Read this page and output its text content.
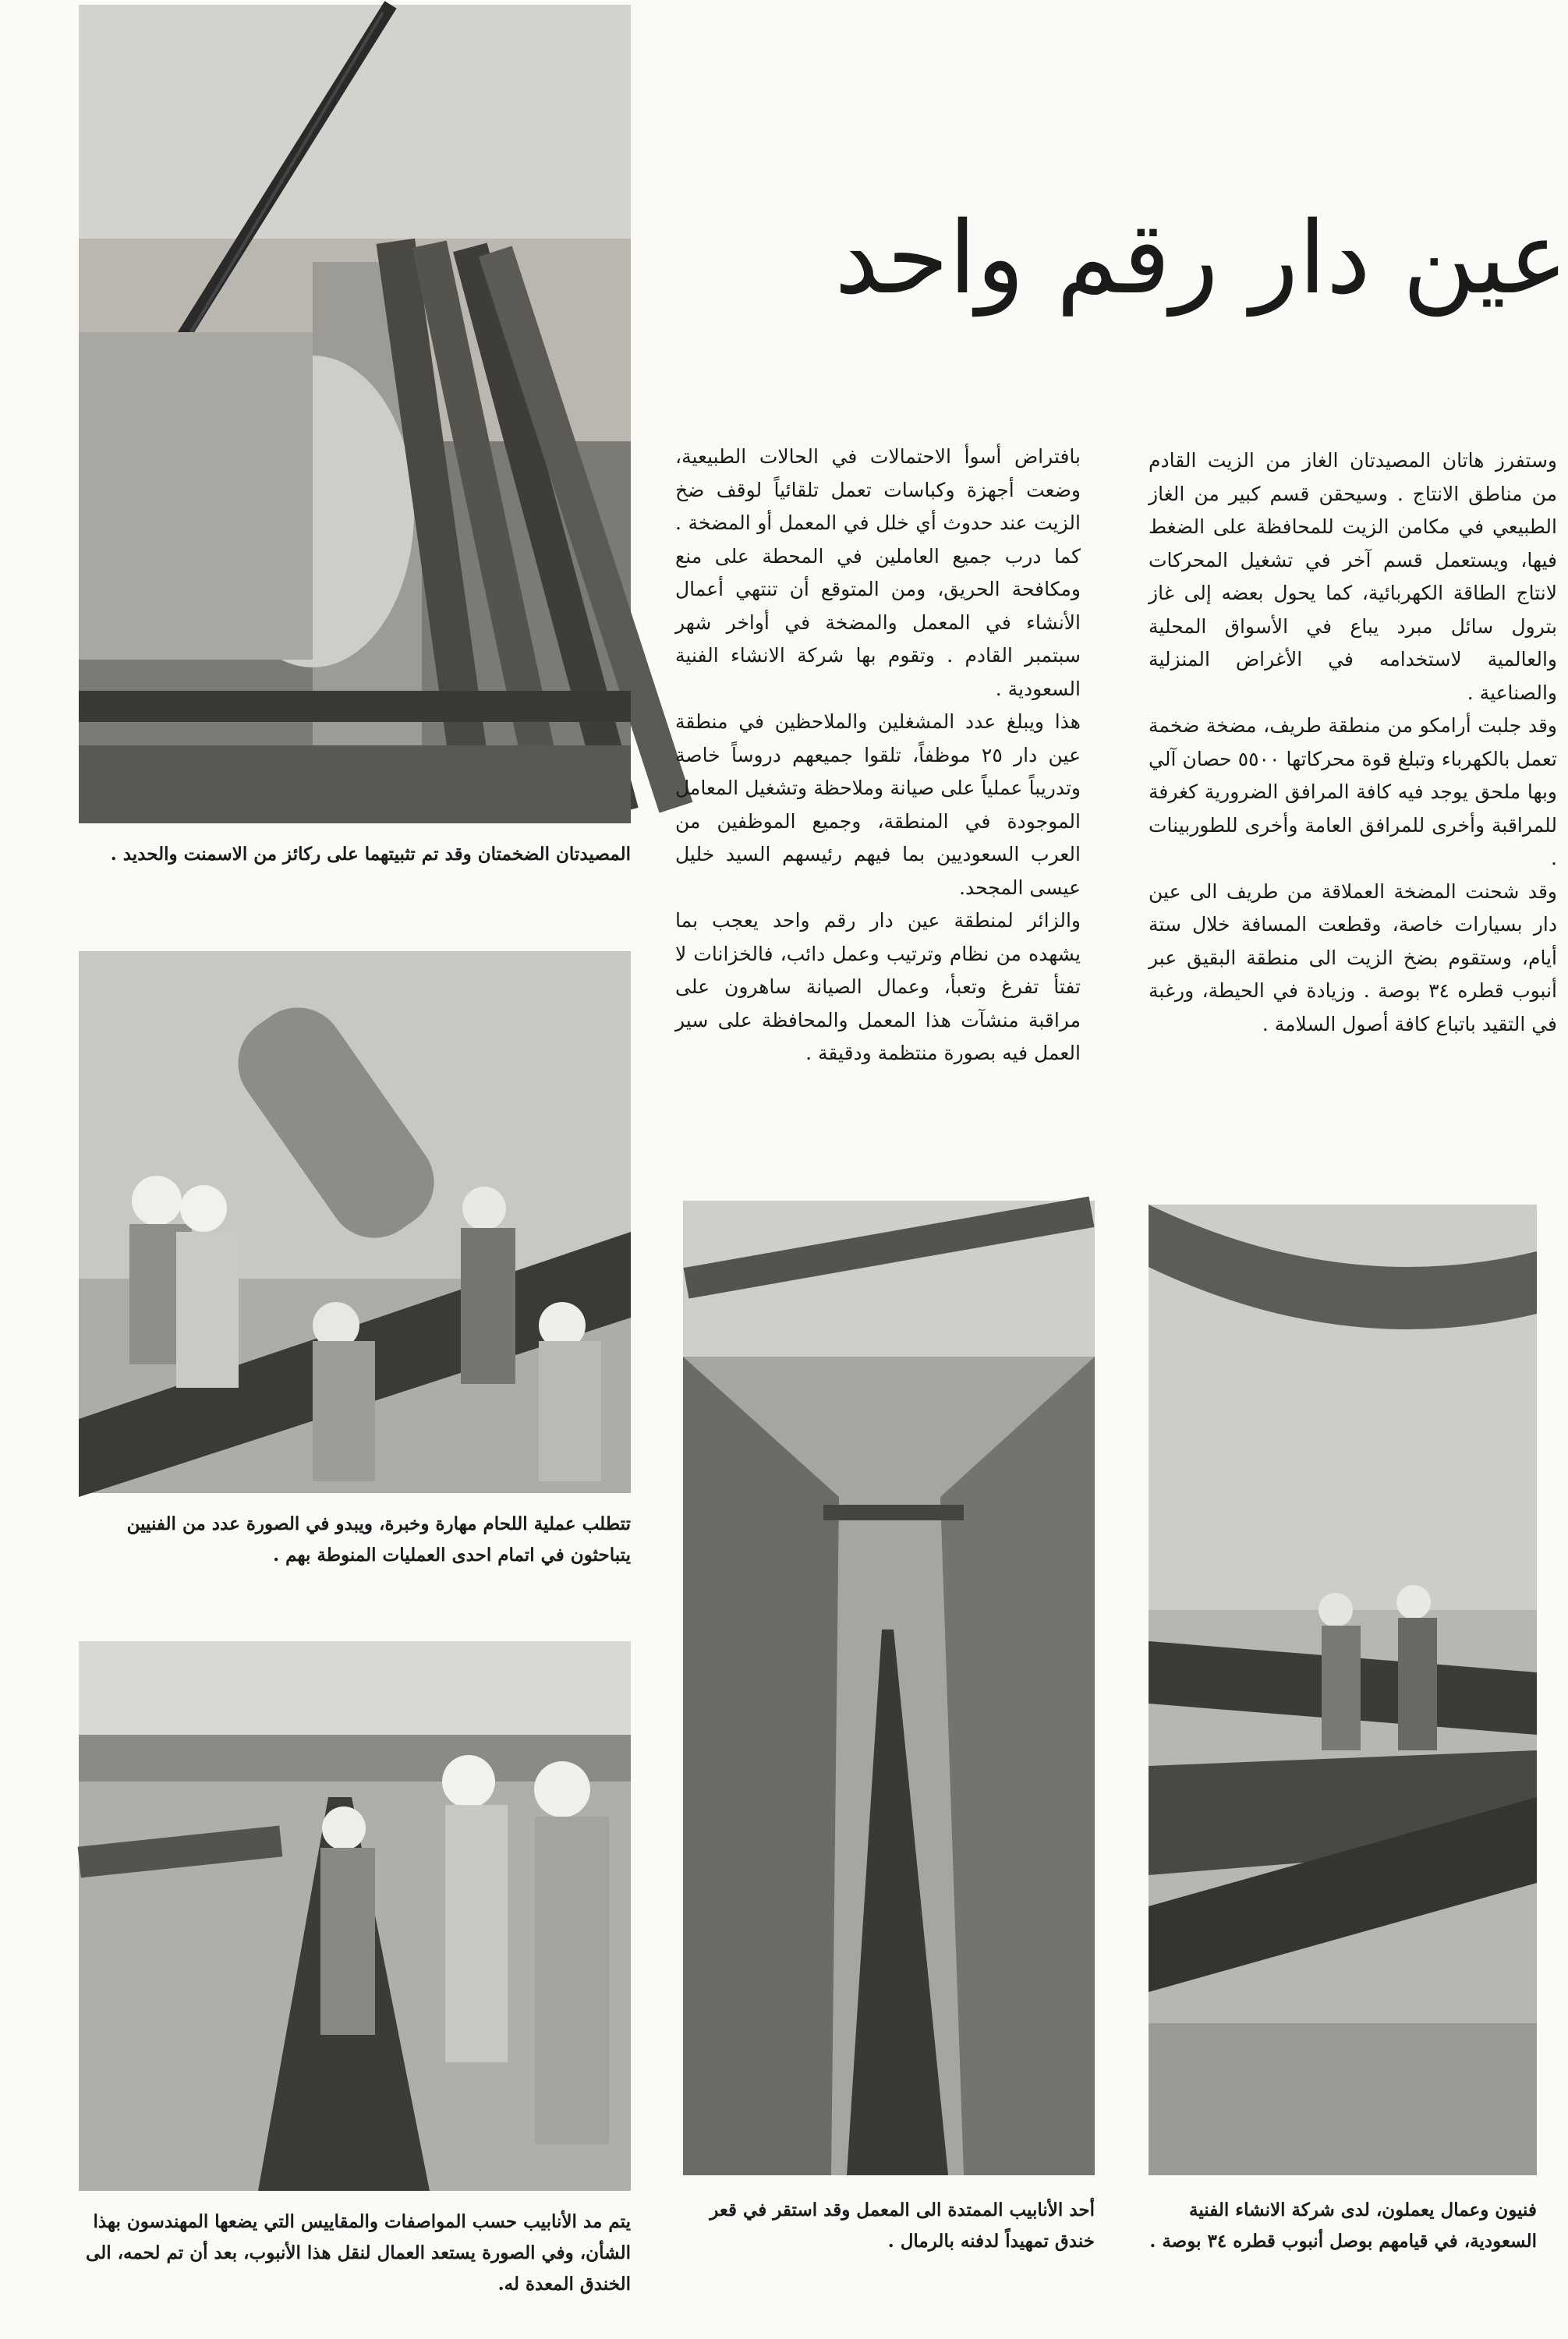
عين دار رقم واحد
المصيدتان الضخمتان وقد تم تثبيتهما على ركائز من الاسمنت والحديد .
تتطلب عملية اللحام مهارة وخبرة، ويبدو في الصورة عدد من الفنيين يتباحثون في اتمام احدى العمليات المنوطة بهم .
يتم مد الأنابيب حسب المواصفات والمقاييس التي يضعها المهندسون بهذا الشأن، وفي الصورة يستعد العمال لنقل هذا الأنبوب، بعد أن تم لحمه، الى الخندق المعدة له.
أحد الأنابيب الممتدة الى المعمل وقد استقر في قعر خندق تمهيداً لدفنه بالرمال .
فنيون وعمال يعملون، لدى شركة الانشاء الفنية السعودية، في قيامهم بوصل أنبوب قطره ٣٤ بوصة .

بافتراض أسوأ الاحتمالات في الحالات الطبيعية، وضعت أجهزة وكباسات تعمل تلقائياً لوقف ضخ الزيت عند حدوث أي خلل في المعمل أو المضخة . كما درب جميع العاملين في المحطة على منع ومكافحة الحريق، ومن المتوقع أن تنتهي أعمال الأنشاء في المعمل والمضخة في أواخر شهر سبتمبر القادم . وتقوم بها شركة الانشاء الفنية السعودية .

هذا ويبلغ عدد المشغلين والملاحظين في منطقة عين دار ٢٥ موظفاً، تلقوا جميعهم دروساً خاصة وتدريباً عملياً على صيانة وملاحظة وتشغيل المعامل الموجودة في المنطقة، وجميع الموظفين من العرب السعوديين بما فيهم رئيسهم السيد خليل عيسى المجحد.

والزائر لمنطقة عين دار رقم واحد يعجب بما يشهده من نظام وترتيب وعمل دائب، فالخزانات لا تفتأ تفرغ وتعبأ، وعمال الصيانة ساهرون على مراقبة منشآت هذا المعمل والمحافظة على سير العمل فيه بصورة منتظمة ودقيقة .

وستفرز هاتان المصيدتان الغاز من الزيت القادم من مناطق الانتاج . وسيحقن قسم كبير من الغاز الطبيعي في مكامن الزيت للمحافظة على الضغط فيها، ويستعمل قسم آخر في تشغيل المحركات لانتاج الطاقة الكهربائية، كما يحول بعضه إلى غاز بترول سائل مبرد يباع في الأسواق المحلية والعالمية لاستخدامه في الأغراض المنزلية والصناعية .

وقد جلبت أرامكو من منطقة طريف، مضخة ضخمة تعمل بالكهرباء وتبلغ قوة محركاتها ٥٥٠٠ حصان آلي وبها ملحق يوجد فيه كافة المرافق الضرورية كغرفة للمراقبة وأخرى للمرافق العامة وأخرى للطوربينات .

وقد شحنت المضخة العملاقة من طريف الى عين دار بسيارات خاصة، وقطعت المسافة خلال ستة أيام، وستقوم بضخ الزيت الى منطقة البقيق عبر أنبوب قطره ٣٤ بوصة . وزيادة في الحيطة، ورغبة في التقيد باتباع كافة أصول السلامة .
